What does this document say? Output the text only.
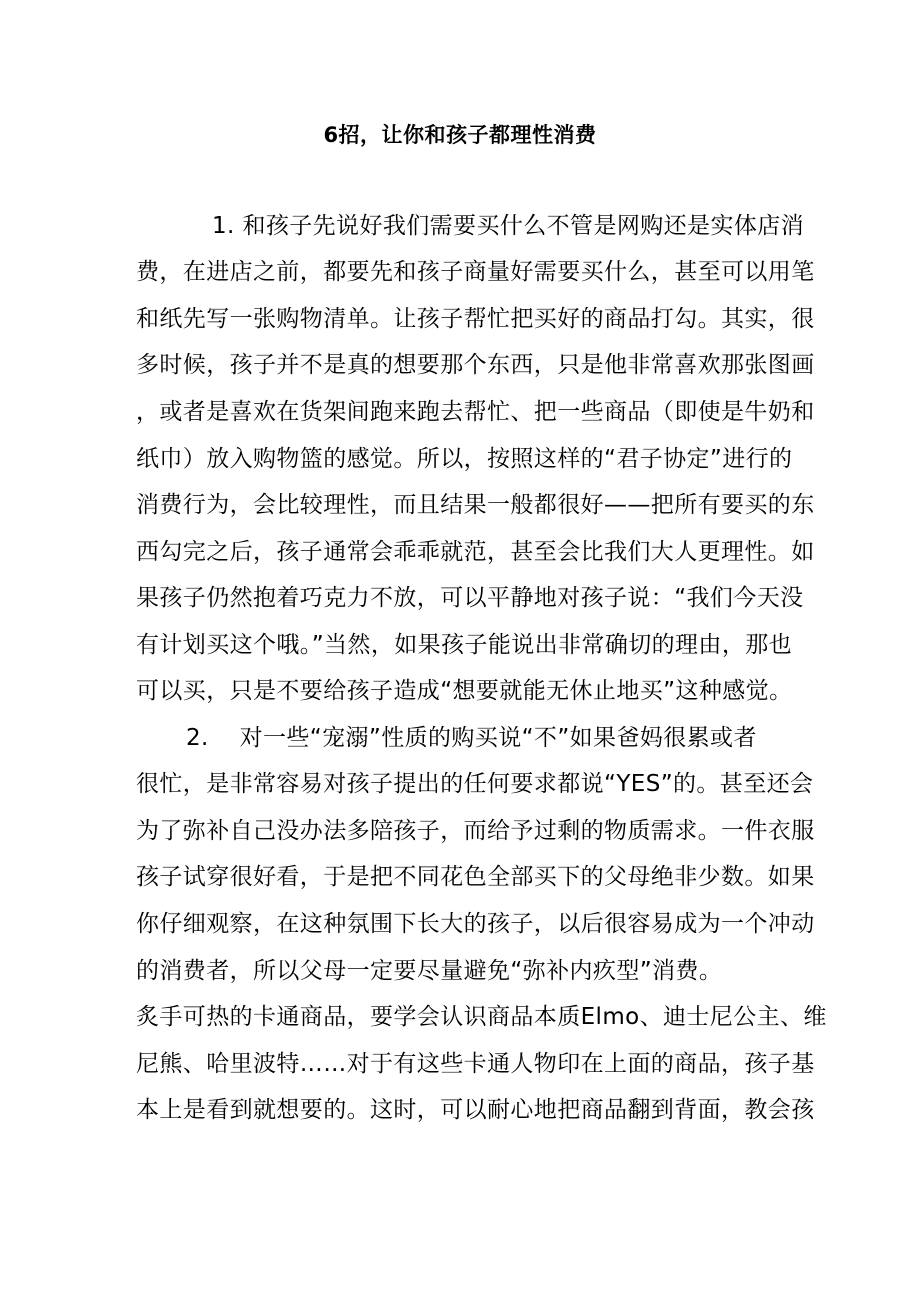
6招，让你和孩子都理性消费
1. 和孩子先说好我们需要买什么不管是网购还是实体店消
费，在进店之前，都要先和孩子商量好需要买什么，甚至可以用笔
和纸先写一张购物清单。让孩子帮忙把买好的商品打勾。其实，很
多时候，孩子并不是真的想要那个东西，只是他非常喜欢那张图画
，或者是喜欢在货架间跑来跑去帮忙、把一些商品（即使是牛奶和
纸巾）放入购物篮的感觉。所以，按照这样的“君子协定”进行的
消费行为，会比较理性，而且结果一般都很好——把所有要买的东
西勾完之后，孩子通常会乖乖就范，甚至会比我们大人更理性。如
果孩子仍然抱着巧克力不放，可以平静地对孩子说：“我们今天没
有计划买这个哦。”当然，如果孩子能说出非常确切的理由，那也
可以买，只是不要给孩子造成“想要就能无休止地买”这种感觉。
2.    对一些“宠溺”性质的购买说“不”如果爸妈很累或者
很忙，是非常容易对孩子提出的任何要求都说“YES”的。甚至还会
为了弥补自己没办法多陪孩子，而给予过剩的物质需求。一件衣服
孩子试穿很好看，于是把不同花色全部买下的父母绝非少数。如果
你仔细观察，在这种氛围下长大的孩子，以后很容易成为一个冲动
的消费者，所以父母一定要尽量避免“弥补内疚型”消费。
炙手可热的卡通商品，要学会认识商品本质Elmo、迪士尼公主、维
尼熊、哈里波特……对于有这些卡通人物印在上面的商品，孩子基
本上是看到就想要的。这时，可以耐心地把商品翻到背面，教会孩
